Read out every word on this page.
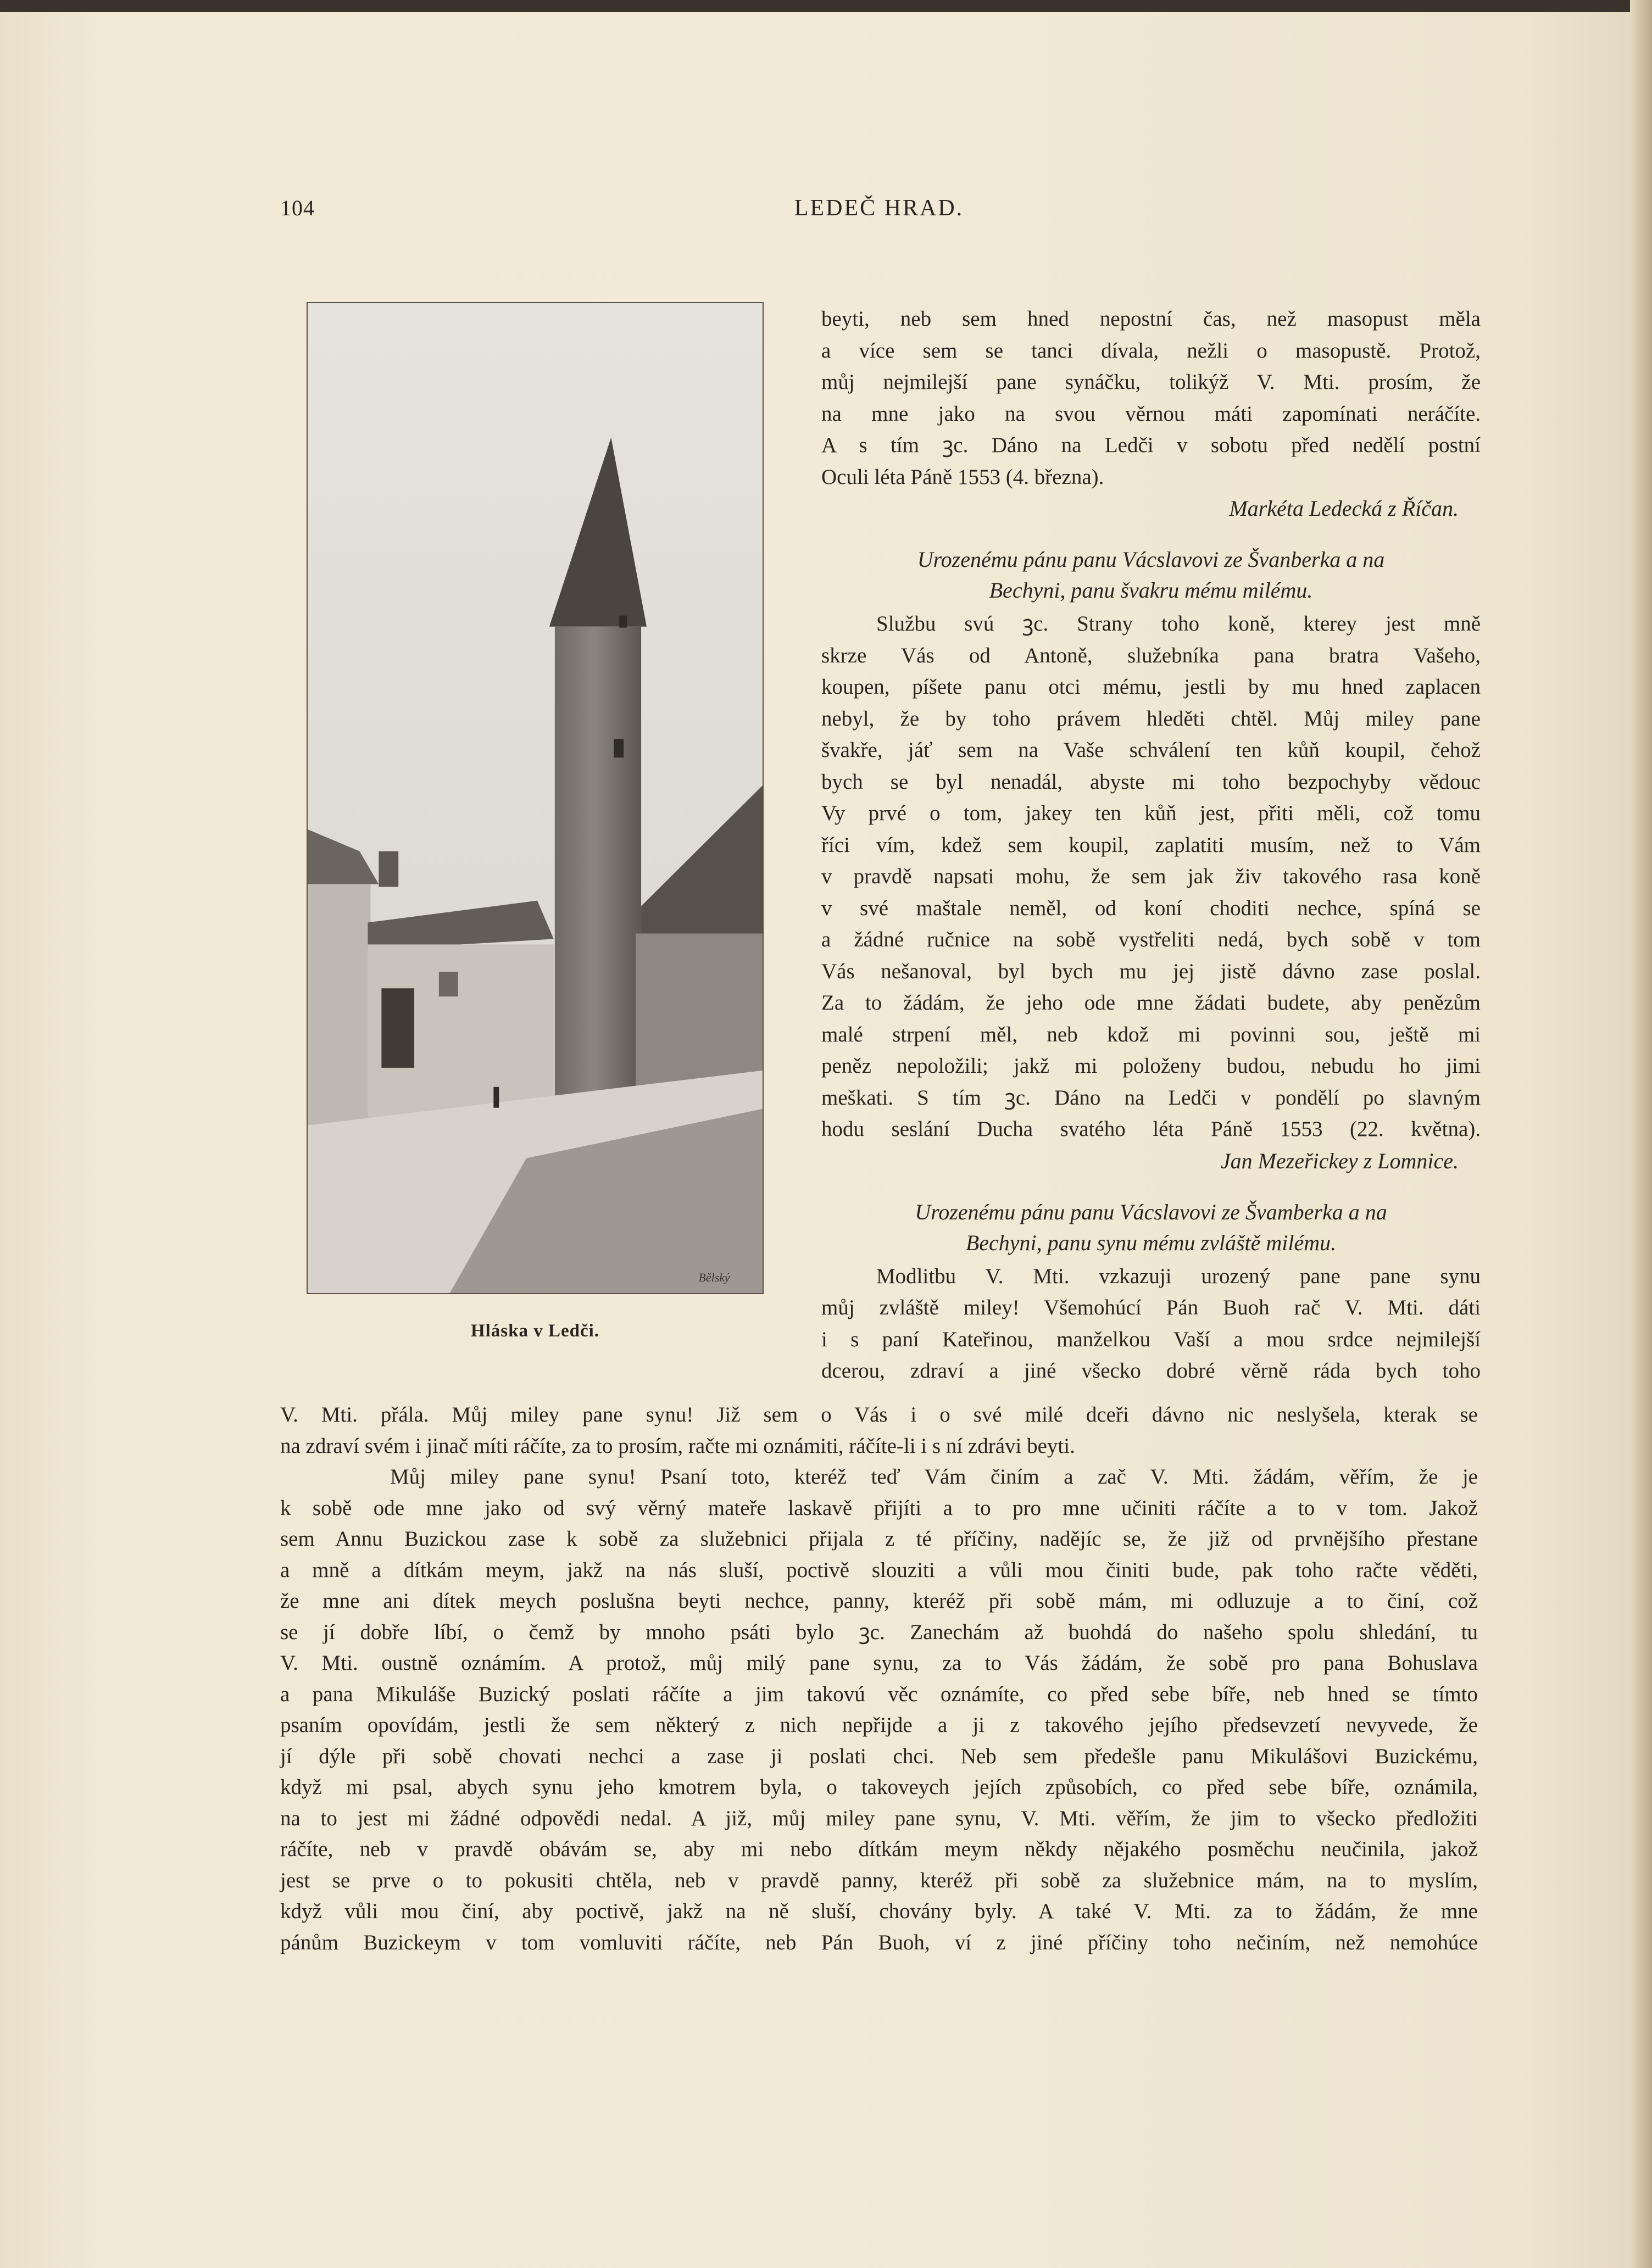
104	LEDEČ HRAD.
Bělský
Hláska v Ledči.
beyti, neb sem hned nepostní čas, než masopust měla
a více sem se tanci dívala, nežli o masopustě. Protož,
můj nejmilejší pane synáčku, tolikýž V. Mti. prosím, že
na mne jako na svou věrnou máti zapomínati neráčíte.
A s tím ꝫc. Dáno na Ledči v sobotu před nedělí postní
Oculi léta Páně 1553 (4. března).
Markéta Ledecká z Říčan.
Urozenému pánu panu Vácslavovi ze Švanberka a na
Bechyni, panu švakru mému milému.
Službu svú ꝫc. Strany toho koně, kterey jest mně
skrze Vás od Antoně, služebníka pana bratra Vašeho,
koupen, píšete panu otci mému, jestli by mu hned zaplacen
nebyl, že by toho právem hleděti chtěl. Můj miley pane
švakře, jáť sem na Vaše schválení ten kůň koupil, čehož
bych se byl nenadál, abyste mi toho bezpochyby vědouc
Vy prvé o tom, jakey ten kůň jest, přiti měli, což tomu
říci vím, kdež sem koupil, zaplatiti musím, než to Vám
v pravdě napsati mohu, že sem jak živ takového rasa koně
v své maštale neměl, od koní choditi nechce, spíná se
a žádné ručnice na sobě vystřeliti nedá, bych sobě v tom
Vás nešanoval, byl bych mu jej jistě dávno zase poslal.
Za to žádám, že jeho ode mne žádati budete, aby penězům
malé strpení měl, neb kdož mi povinni sou, ještě mi
peněz nepoložili; jakž mi položeny budou, nebudu ho jimi
meškati. S tím ꝫc. Dáno na Ledči v pondělí po slavným
hodu seslání Ducha svatého léta Páně 1553 (22. května).
Jan Mezeřickey z Lomnice.
Urozenému pánu panu Vácslavovi ze Švamberka a na
Bechyni, panu synu mému zvláště milému.
Modlitbu V. Mti. vzkazuji urozený pane pane synu
můj zvláště miley! Všemohúcí Pán Buoh rač V. Mti. dáti
i s paní Kateřinou, manželkou Vaší a mou srdce nejmilejší
dcerou, zdraví a jiné všecko dobré věrně ráda bych toho
V. Mti. přála. Můj miley pane synu! Již sem o Vás i o své milé dceři dávno nic neslyšela, kterak se
na zdraví svém i jinač míti ráčíte, za to prosím, račte mi oznámiti, ráčíte-li i s ní zdrávi beyti.
Můj miley pane synu! Psaní toto, kteréž teď Vám činím a zač V. Mti. žádám, věřím, že je
k sobě ode mne jako od svý věrný mateře laskavě přijíti a to pro mne učiniti ráčíte a to v tom. Jakož
sem Annu Buzickou zase k sobě za služebnici přijala z té příčiny, nadějíc se, že již od prvnějšího přestane
a mně a dítkám meym, jakž na nás sluší, poctivě slouziti a vůli mou činiti bude, pak toho račte věděti,
že mne ani dítek meych poslušna beyti nechce, panny, kteréž při sobě mám, mi odluzuje a to činí, což
se jí dobře líbí, o čemž by mnoho psáti bylo ꝫc. Zanechám až buohdá do našeho spolu shledání, tu
V. Mti. oustně oznámím. A protož, můj milý pane synu, za to Vás žádám, že sobě pro pana Bohuslava
a pana Mikuláše Buzický poslati ráčíte a jim takovú věc oznámíte, co před sebe bíře, neb hned se tímto
psaním opovídám, jestli že sem některý z nich nepřijde a ji z takového jejího předsevzetí nevyvede, že
jí dýle při sobě chovati nechci a zase ji poslati chci. Neb sem předešle panu Mikulášovi Buzickému,
když mi psal, abych synu jeho kmotrem byla, o takoveych jejích způsobích, co před sebe bíře, oznámila,
na to jest mi žádné odpovědi nedal. A již, můj miley pane synu, V. Mti. věřím, že jim to všecko předložiti
ráčíte, neb v pravdě obávám se, aby mi nebo dítkám meym někdy nějakého posměchu neučinila, jakož
jest se prve o to pokusiti chtěla, neb v pravdě panny, kteréž při sobě za služebnice mám, na to myslím,
když vůli mou činí, aby poctivě, jakž na ně sluší, chovány byly. A také V. Mti. za to žádám, že mne
pánům Buzickeym v tom vomluviti ráčíte, neb Pán Buoh, ví z jiné příčiny toho nečiním, než nemohúce
